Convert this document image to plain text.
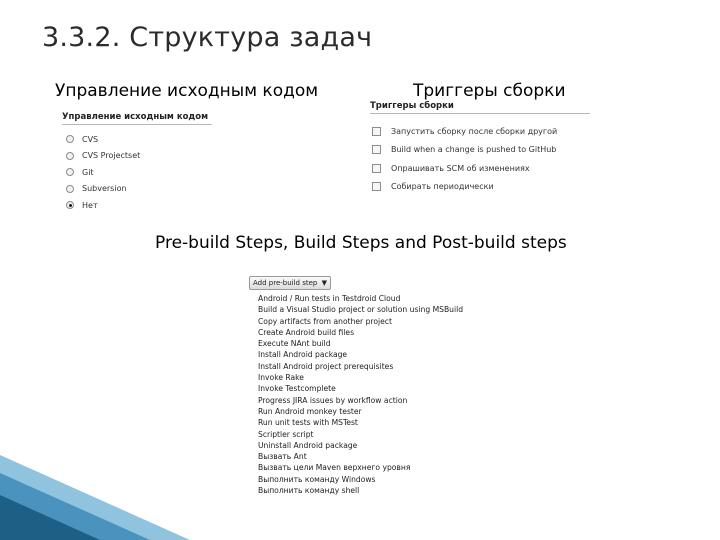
3.3.2. Структура задач
Управление исходным кодом	Триггеры сборки
Pre-build Steps, Build Steps and Post-build steps
Управление исходным кодом
CVS
CVS Projectset
Git
Subversion
Нет
Триггеры сборки
Запустить сборку после сборки другой
Build when a change is pushed to GitHub
Опрашивать SCM об изменениях
Собирать периодически
Add pre-build step ▼
Android / Run tests in Testdroid Cloud
Build a Visual Studio project or solution using MSBuild
Copy artifacts from another project
Create Android build files
Execute NAnt build
Install Android package
Install Android project prerequisites
Invoke Rake
Invoke Testcomplete
Progress JIRA issues by workflow action
Run Android monkey tester
Run unit tests with MSTest
Scriptler script
Uninstall Android package
Вызвать Ant
Вызвать цели Maven верхнего уровня
Выполнить команду Windows
Выполнить команду shell
